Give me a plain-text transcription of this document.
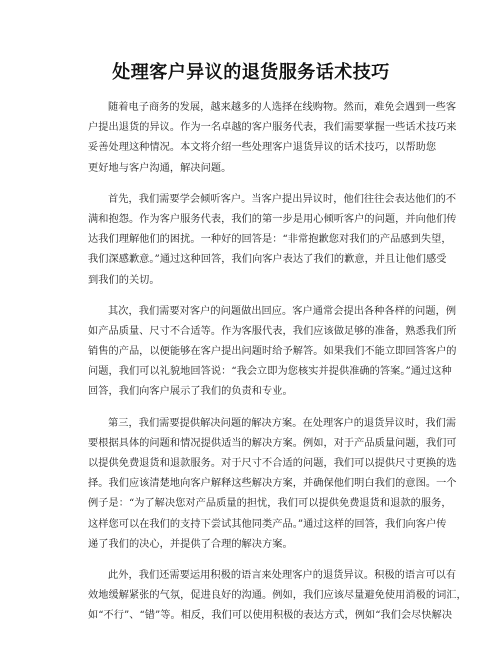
处理客户异议的退货服务话术技巧

随着电子商务的发展，越来越多的人选择在线购物。然而，难免会遇到一些客
户提出退货的异议。作为一名卓越的客户服务代表，我们需要掌握一些话术技巧来
妥善处理这种情况。本文将介绍一些处理客户退货异议的话术技巧，以帮助您
更好地与客户沟通，解决问题。

首先，我们需要学会倾听客户。当客户提出异议时，他们往往会表达他们的不
满和抱怨。作为客户服务代表，我们的第一步是用心倾听客户的问题，并向他们传
达我们理解他们的困扰。一种好的回答是：“非常抱歉您对我们的产品感到失望，
我们深感歉意。”通过这种回答，我们向客户表达了我们的歉意，并且让他们感受
到我们的关切。

其次，我们需要对客户的问题做出回应。客户通常会提出各种各样的问题，例
如产品质量、尺寸不合适等。作为客服代表，我们应该做足够的准备，熟悉我们所
销售的产品，以便能够在客户提出问题时给予解答。如果我们不能立即回答客户的
问题，我们可以礼貌地回答说：“我会立即为您核实并提供准确的答案。”通过这种
回答，我们向客户展示了我们的负责和专业。

第三，我们需要提供解决问题的解决方案。在处理客户的退货异议时，我们需
要根据具体的问题和情况提供适当的解决方案。例如，对于产品质量问题，我们可
以提供免费退货和退款服务。对于尺寸不合适的问题，我们可以提供尺寸更换的选
择。我们应该清楚地向客户解释这些解决方案，并确保他们明白我们的意图。一个
例子是：“为了解决您对产品质量的担忧，我们可以提供免费退货和退款的服务，
这样您可以在我们的支持下尝试其他同类产品。”通过这样的回答，我们向客户传
递了我们的决心，并提供了合理的解决方案。

此外，我们还需要运用积极的语言来处理客户的退货异议。积极的语言可以有
效地缓解紧张的气氛，促进良好的沟通。例如，我们应该尽量避免使用消极的词汇，
如“不行”、“错”等。相反，我们可以使用积极的表达方式，例如“我们会尽快解决
